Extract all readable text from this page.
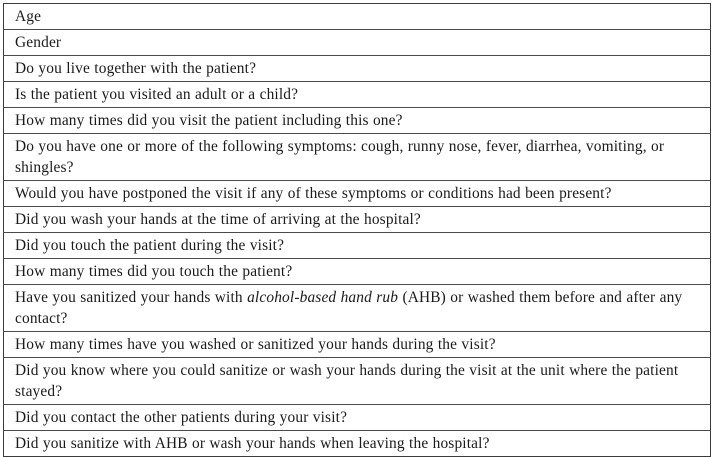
Age
Gender
Do you live together with the patient?
Is the patient you visited an adult or a child?
How many times did you visit the patient including this one?
Do you have one or more of the following symptoms: cough, runny nose, fever, diarrhea, vomiting, or shingles?
Would you have postponed the visit if any of these symptoms or conditions had been present?
Did you wash your hands at the time of arriving at the hospital?
Did you touch the patient during the visit?
How many times did you touch the patient?
Have you sanitized your hands with alcohol-based hand rub (AHB) or washed them before and after any contact?
How many times have you washed or sanitized your hands during the visit?
Did you know where you could sanitize or wash your hands during the visit at the unit where the patient stayed?
Did you contact the other patients during your visit?
Did you sanitize with AHB or wash your hands when leaving the hospital?
